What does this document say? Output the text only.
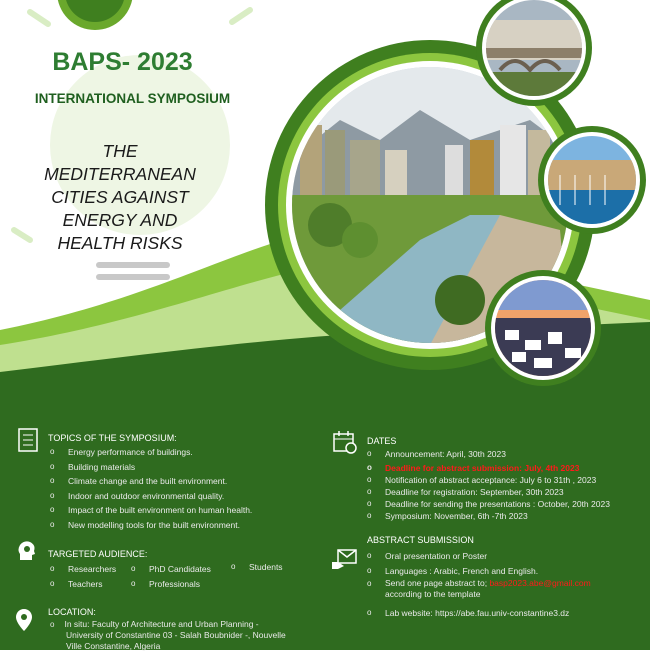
BAPS- 2023
INTERNATIONAL SYMPOSIUM
THE
MEDITERRANEAN
CITIES AGAINST
ENERGY AND
HEALTH RISKS
TOPICS OF THE SYMPOSIUM:
o Energy performance of buildings.
o Building materials
o Climate change and the built environment.
o Indoor and outdoor environmental quality.
o Impact of the built environment on human health.
o New modelling tools for the built environment.
TARGETED AUDIENCE:
o Researchers
o Teachers
o PhD Candidates
o Professionals
o Students
LOCATION:
o In situ: Faculty of Architecture and Urban Planning -
University of Constantine 03 - Salah Boubnider -, Nouvelle
Ville Constantine, Algeria
DATES
o Announcement: April, 30th 2023
o Deadline for abstract submission: July, 4th 2023
o Notification of abstract acceptance: July 6 to 31th , 2023
o Deadline for registration: September, 30th 2023
o Deadline for sending the presentations : October, 20th 2023
o Symposium: November, 6th -7th 2023
ABSTRACT SUBMISSION
o Oral presentation or Poster
o Languages : Arabic, French and English.
o Send one page abstract to; basp2023.abe@gmail.com
according to the template
o Lab website: https://abe.fau.univ-constantine3.dz
